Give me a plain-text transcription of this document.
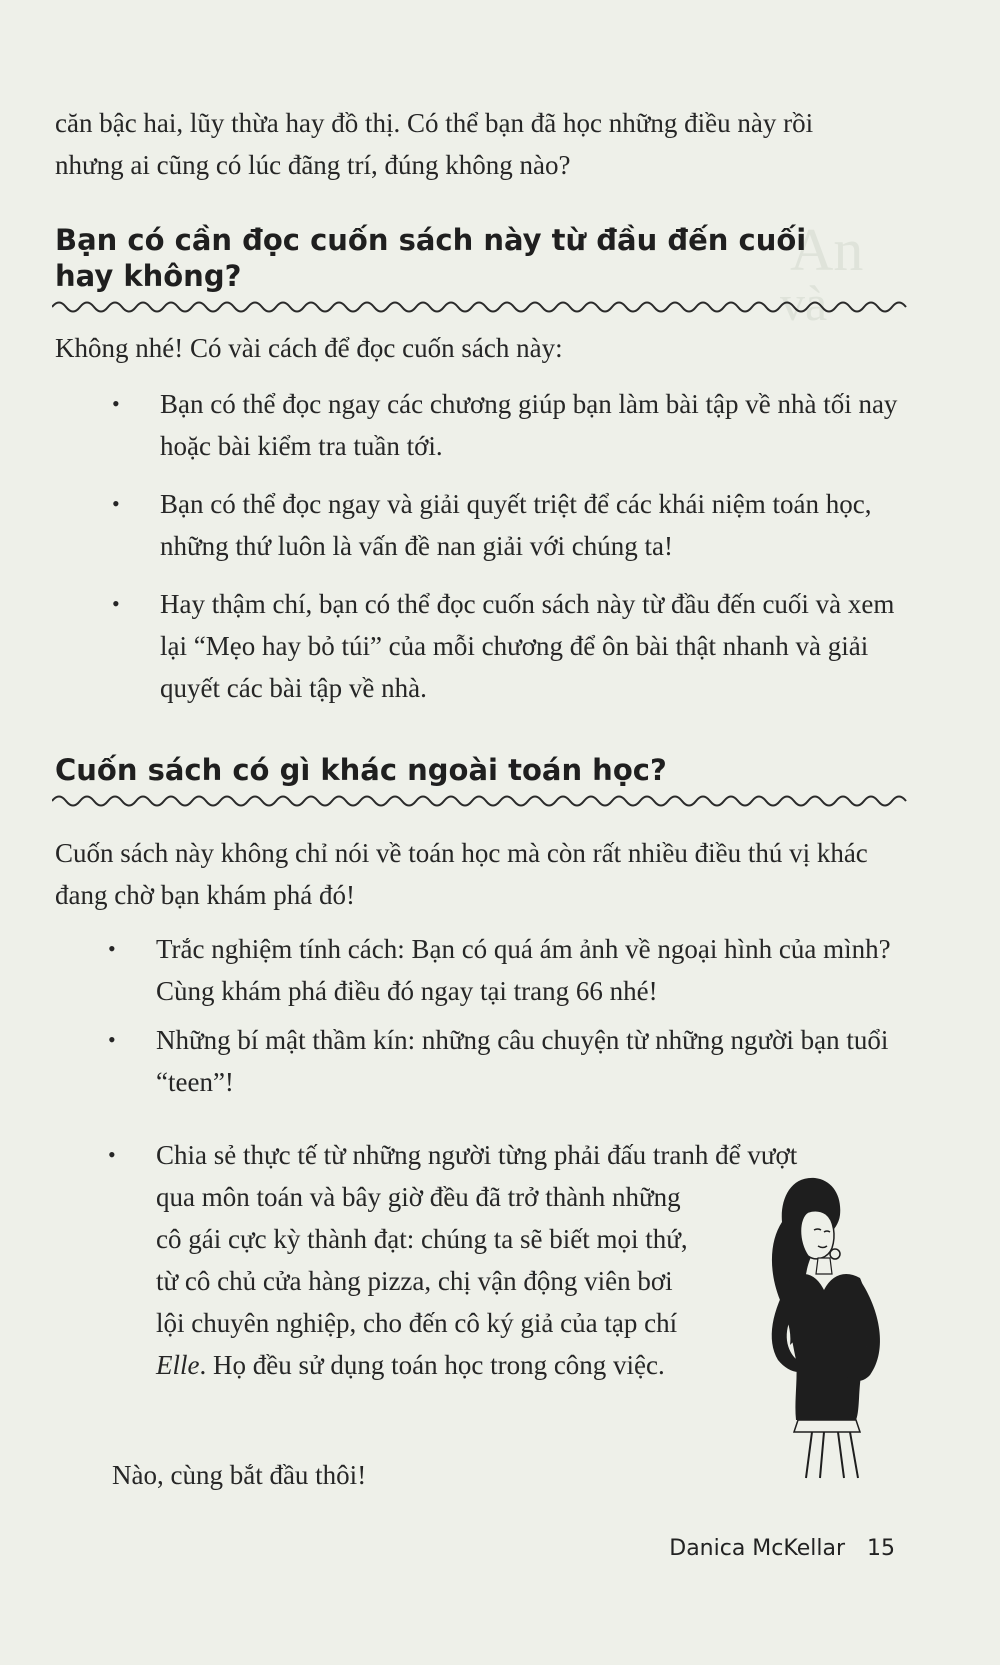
An
và

căn bậc hai, lũy thừa hay đồ thị. Có thể bạn đã học những điều này rồi

nhưng ai cũng có lúc đãng trí, đúng không nào?

Bạn có cần đọc cuốn sách này từ đầu đến cuối
hay không?

Không nhé! Có vài cách để đọc cuốn sách này:

• Bạn có thể đọc ngay các chương giúp bạn làm bài tập về nhà tối nay hoặc bài kiểm tra tuần tới.
• Bạn có thể đọc ngay và giải quyết triệt để các khái niệm toán học, những thứ luôn là vấn đề nan giải với chúng ta!
• Hay thậm chí, bạn có thể đọc cuốn sách này từ đầu đến cuối và xem lại “Mẹo hay bỏ túi” của mỗi chương để ôn bài thật nhanh và giải quyết các bài tập về nhà.
Cuốn sách có gì khác ngoài toán học?

Cuốn sách này không chỉ nói về toán học mà còn rất nhiều điều thú vị khác đang chờ bạn khám phá đó!

• Trắc nghiệm tính cách: Bạn có quá ám ảnh về ngoại hình của mình? Cùng khám phá điều đó ngay tại trang 66 nhé!
• Những bí mật thầm kín: những câu chuyện từ những người bạn tuổi “teen”!
• Chia sẻ thực tế từ những người từng phải đấu tranh để vượt

qua môn toán và bây giờ đều đã trở thành những cô gái cực kỳ thành đạt: chúng ta sẽ biết mọi thứ, từ cô chủ cửa hàng pizza, chị vận động viên bơi lội chuyên nghiệp, cho đến cô ký giả của tạp chí Elle. Họ đều sử dụng toán học trong công việc.

Nào, cùng bắt đầu thôi!

Danica McKellar 15
